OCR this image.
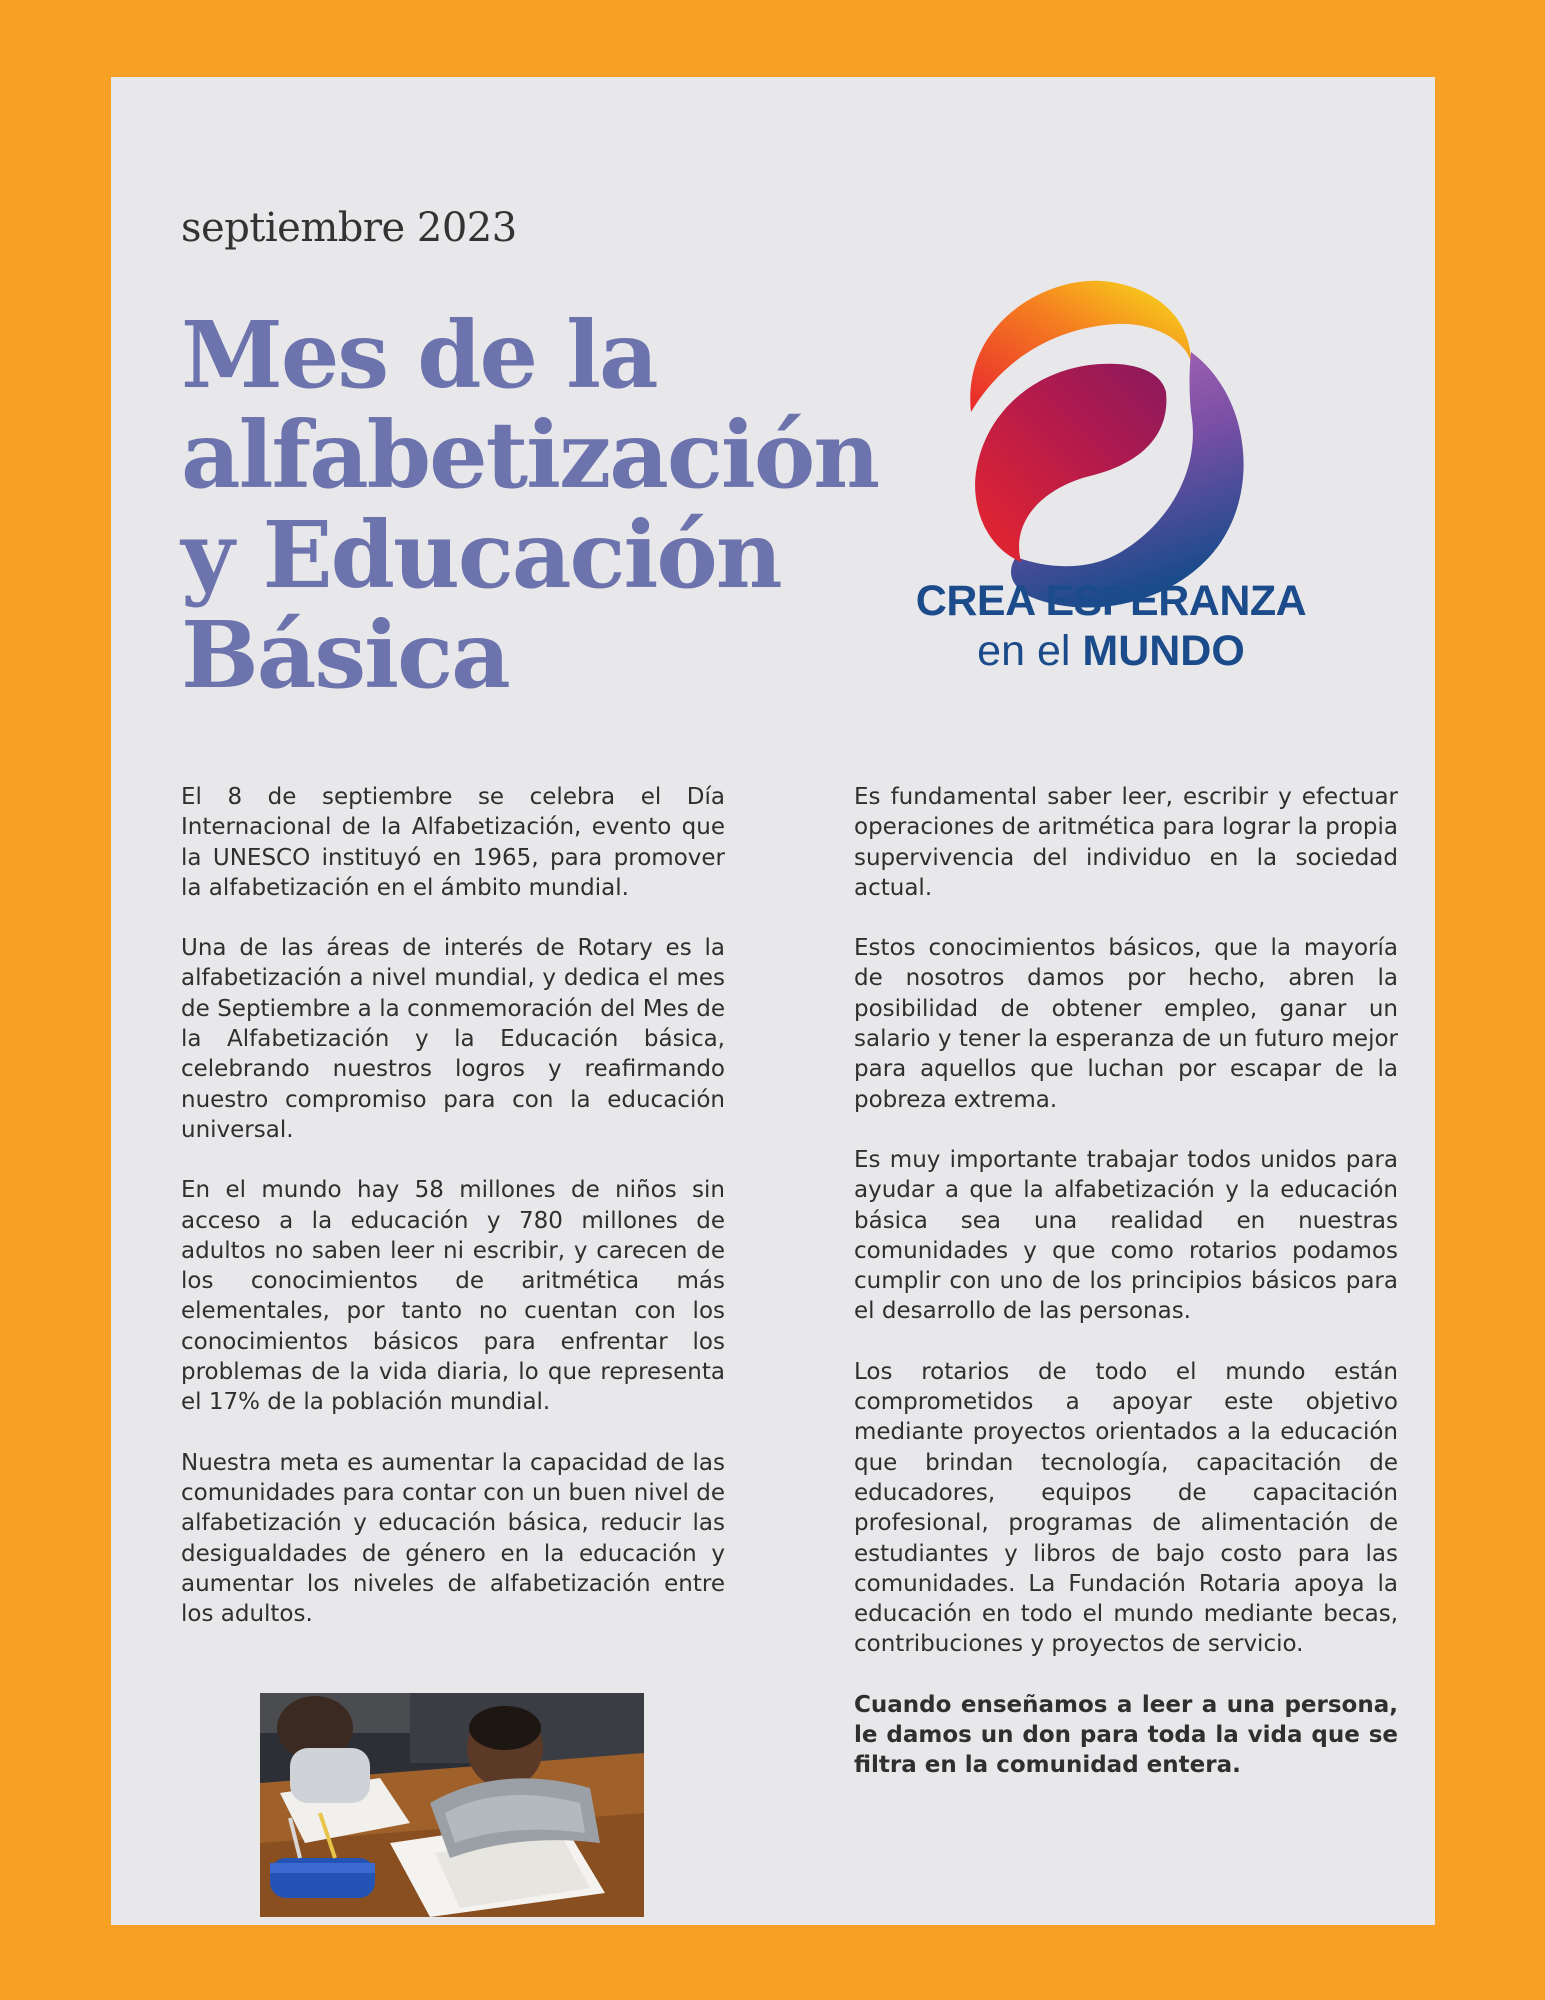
septiembre 2023
Mes de la
alfabetización
y Educación
Básica	CREA ESPERANZA
en el MUNDO

El 8 de septiembre se celebra el Día Internacional de la Alfabetización, evento que la UNESCO instituyó en 1965, para promover la alfabetización en el ámbito mundial.

Una de las áreas de interés de Rotary es la alfabetización a nivel mundial, y dedica el mes de Septiembre a la conmemoración del Mes de la Alfabetización y la Educación básica, celebrando nuestros logros y reafirmando nuestro compromiso para con la educación universal.

En el mundo hay 58 millones de niños sin acceso a la educación y 780 millones de adultos no saben leer ni escribir, y carecen de los conocimientos de aritmética más elementales, por tanto no cuentan con los conocimientos básicos para enfrentar los problemas de la vida diaria, lo que representa el 17% de la población mundial.

Nuestra meta es aumentar la capacidad de las comunidades para contar con un buen nivel de alfabetización y educación básica, reducir las desigualdades de género en la educación y aumentar los niveles de alfabetización entre los adultos.

Es fundamental saber leer, escribir y efectuar operaciones de aritmética para lograr la propia supervivencia del individuo en la sociedad actual.

Estos conocimientos básicos, que la mayoría de nosotros damos por hecho, abren la posibilidad de obtener empleo, ganar un salario y tener la esperanza de un futuro mejor para aquellos que luchan por escapar de la pobreza extrema.

Es muy importante trabajar todos unidos para ayudar a que la alfabetización y la educación básica sea una realidad en nuestras comunidades y que como rotarios podamos cumplir con uno de los principios básicos para el desarrollo de las personas.

Los rotarios de todo el mundo están comprometidos a apoyar este objetivo mediante proyectos orientados a la educación que brindan tecnología, capacitación de educadores, equipos de capacitación profesional, programas de alimentación de estudiantes y libros de bajo costo para las comunidades. La Fundación Rotaria apoya la educación en todo el mundo mediante becas, contribuciones y proyectos de servicio.

Cuando enseñamos a leer a una persona, le damos un don para toda la vida que se filtra en la comunidad entera.
